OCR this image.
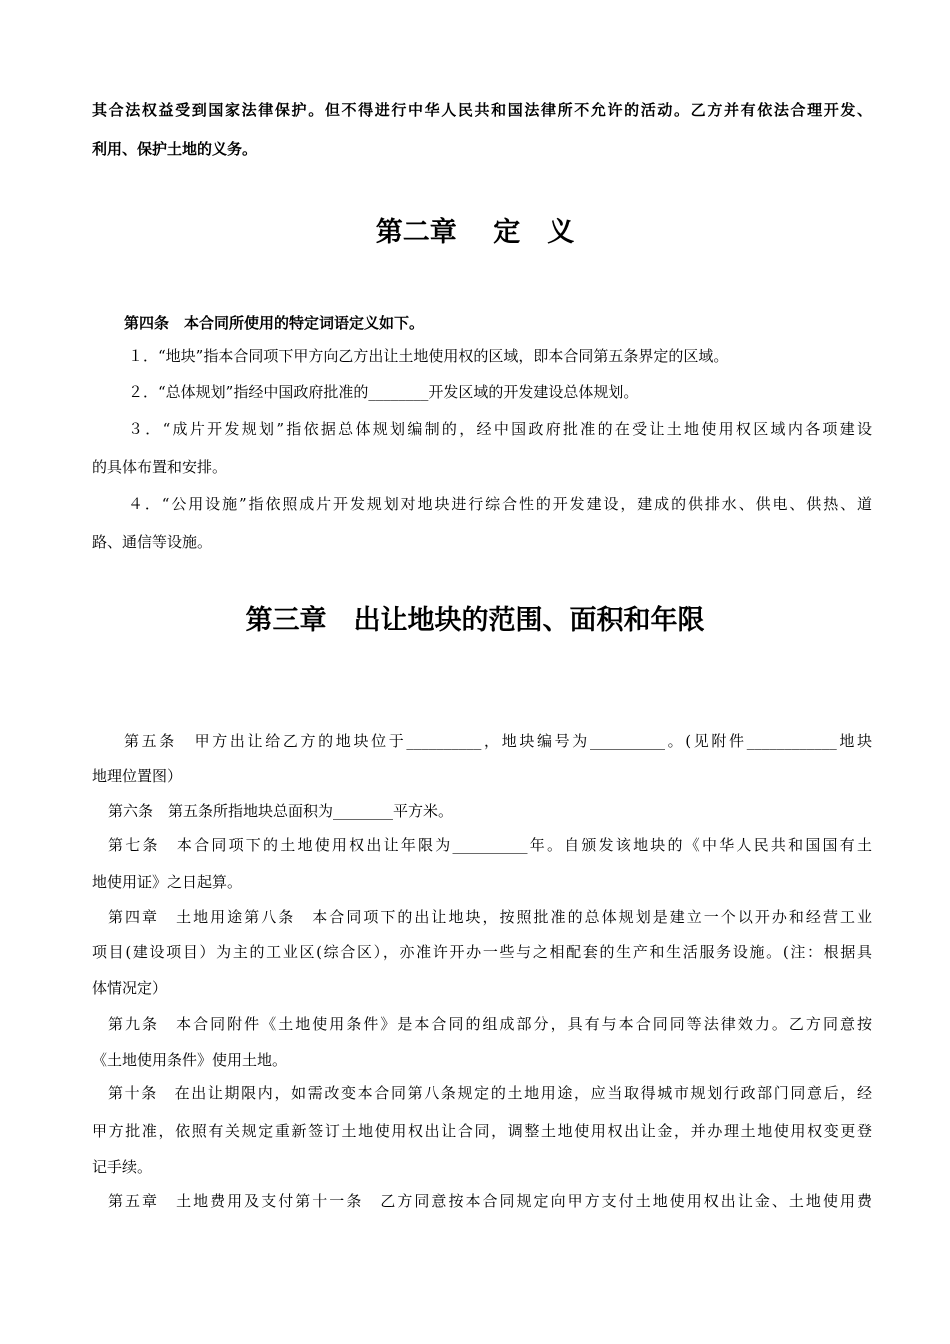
其合法权益受到国家法律保护。但不得进行中华人民共和国法律所不允许的活动。乙方并有依法合理开发、
利用、保护土地的义务。
第二章　 定　义
第四条　本合同所使用的特定词语定义如下。
１．“地块”指本合同项下甲方向乙方出让土地使用权的区域，即本合同第五条界定的区域。
２．“总体规划”指经中国政府批准的________开发区域的开发建设总体规划。
３．“成片开发规划”指依据总体规划编制的，经中国政府批准的在受让土地使用权区域内各项建设
的具体布置和安排。
４．“公用设施”指依照成片开发规划对地块进行综合性的开发建设，建成的供排水、供电、供热、道
路、通信等设施。
第三章　出让地块的范围、面积和年限
第五条　甲方出让给乙方的地块位于__________，地块编号为__________。(见附件____________地块
地理位置图）
第六条　第五条所指地块总面积为________平方米。
第七条　本合同项下的土地使用权出让年限为__________年。自颁发该地块的《中华人民共和国国有土
地使用证》之日起算。
第四章　土地用途第八条　本合同项下的出让地块，按照批准的总体规划是建立一个以开办和经营工业
项目(建设项目）为主的工业区(综合区），亦准许开办一些与之相配套的生产和生活服务设施。(注：根据具
体情况定）
第九条　本合同附件《土地使用条件》是本合同的组成部分，具有与本合同同等法律效力。乙方同意按
《土地使用条件》使用土地。
第十条　在出让期限内，如需改变本合同第八条规定的土地用途，应当取得城市规划行政部门同意后，经
甲方批准，依照有关规定重新签订土地使用权出让合同，调整土地使用权出让金，并办理土地使用权变更登
记手续。
第五章　土地费用及支付第十一条　乙方同意按本合同规定向甲方支付土地使用权出让金、土地使用费
